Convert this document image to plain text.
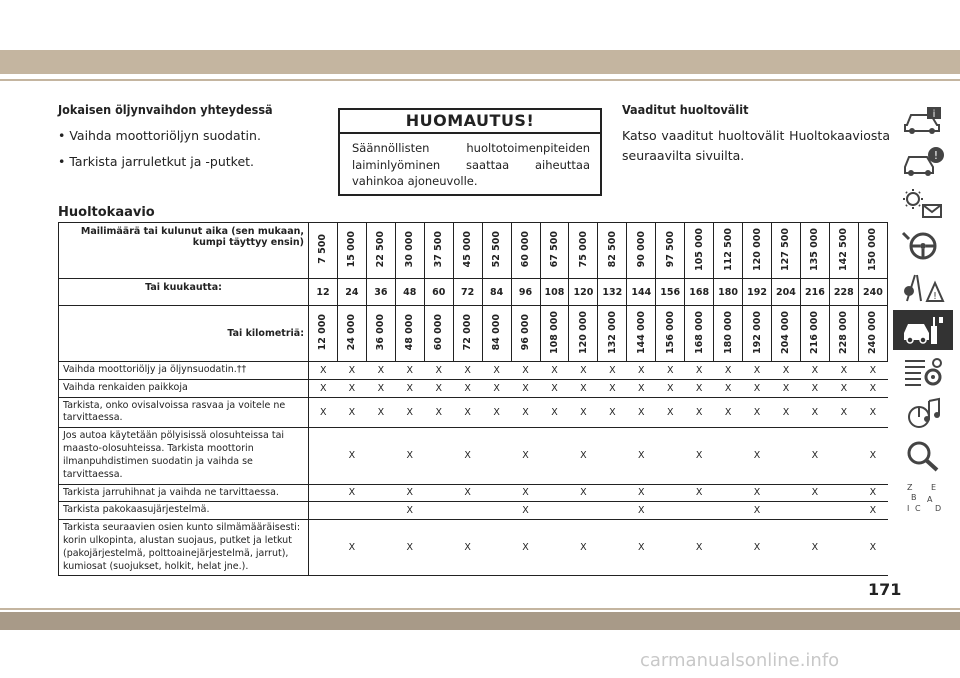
Jokaisen öljynvaihdon yhteydessä

• Vaihda moottoriöljyn suodatin.

• Tarkista jarruletkut ja -putket.

HUOMAUTUS!
Säännöllisten huoltotoimenpiteiden laiminlyöminen saattaa aiheuttaa vahinkoa ajoneuvolle.

Vaaditut huoltovälit

Katso vaaditut huoltovälit Huoltokaaviosta seuraavilta sivuilta.

Huoltokaavio
Mailimäärä tai kulunut aika (sen mukaan, kumpi täyttyy ensin)	7 500	15 000	22 500	30 000	37 500	45 000	52 500	60 000	67 500	75 000	82 500	90 000	97 500	105 000	112 500	120 000	127 500	135 000	142 500	150 000
Tai kuukautta:	12	24	36	48	60	72	84	96	108	120	132	144	156	168	180	192	204	216	228	240
Tai kilometriä:	12 000	24 000	36 000	48 000	60 000	72 000	84 000	96 000	108 000	120 000	132 000	144 000	156 000	168 000	180 000	192 000	204 000	216 000	228 000	240 000
Vaihda moottoriöljy ja öljynsuodatin.††	X	X	X	X	X	X	X	X	X	X	X	X	X	X	X	X	X	X	X	X
Vaihda renkaiden paikkoja	X	X	X	X	X	X	X	X	X	X	X	X	X	X	X	X	X	X	X	X
Tarkista, onko ovisalvoissa rasvaa ja voitele ne tarvittaessa.	X	X	X	X	X	X	X	X	X	X	X	X	X	X	X	X	X	X	X	X
Jos autoa käytetään pölyisissä olosuhteissa tai maasto-olosuhteissa. Tarkista moottorin ilmanpuhdistimen suodatin ja vaihda se tarvittaessa.		X		X		X		X		X		X		X		X		X		X
Tarkista jarruhihnat ja vaihda ne tarvittaessa.		X		X		X		X		X		X		X		X		X		X
Tarkista pakokaasujärjestelmä.				X				X				X				X				X
Tarkista seuraavien osien kunto silmämääräisesti: korin ulkopinta, alustan suojaus, putket ja letkut (pakojärjestelmä, polttoainejärjestelmä, jarrut), kumiosat (suojukset, holkit, helat jne.).		X		X		X		X		X		X		X		X		X		X
i
!
!
Z E
B A
I C D
171
carmanualsonline.info
